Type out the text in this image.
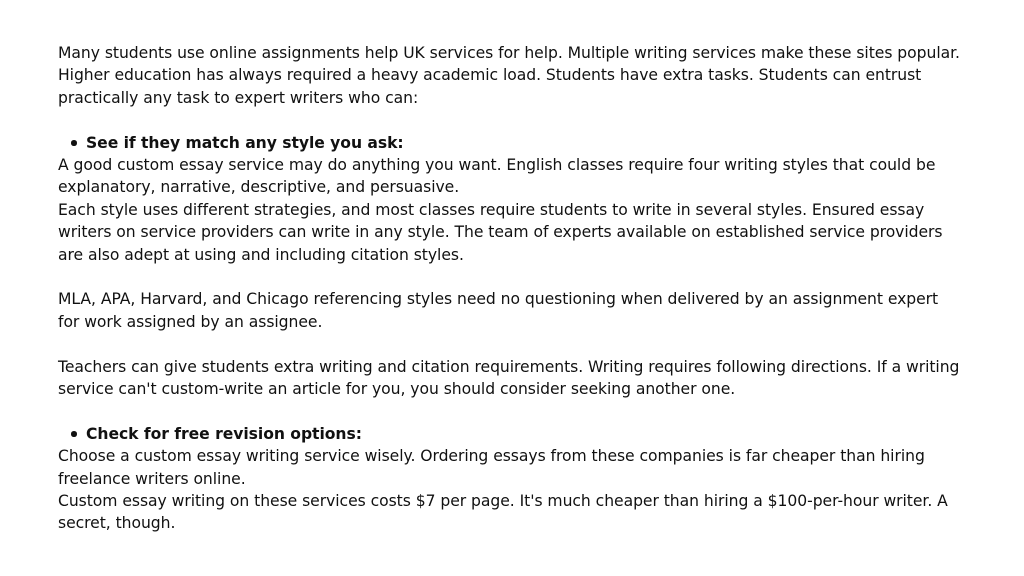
Many students use online assignments help UK services for help. Multiple writing services make these sites popular. Higher education has always required a heavy academic load. Students have extra tasks. Students can entrust practically any task to expert writers who can:

See if they match any style you ask:

A good custom essay service may do anything you want. English classes require four writing styles that could be explanatory, narrative, descriptive, and persuasive.

Each style uses different strategies, and most classes require students to write in several styles. Ensured essay writers on service providers can write in any style. The team of experts available on established service providers are also adept at using and including citation styles.

MLA, APA, Harvard, and Chicago referencing styles need no questioning when delivered by an assignment expert for work assigned by an assignee.

Teachers can give students extra writing and citation requirements. Writing requires following directions. If a writing service can't custom-write an article for you, you should consider seeking another one.

Check for free revision options:

Choose a custom essay writing service wisely. Ordering essays from these companies is far cheaper than hiring freelance writers online.

Custom essay writing on these services costs $7 per page. It's much cheaper than hiring a $100-per-hour writer. A secret, though.
